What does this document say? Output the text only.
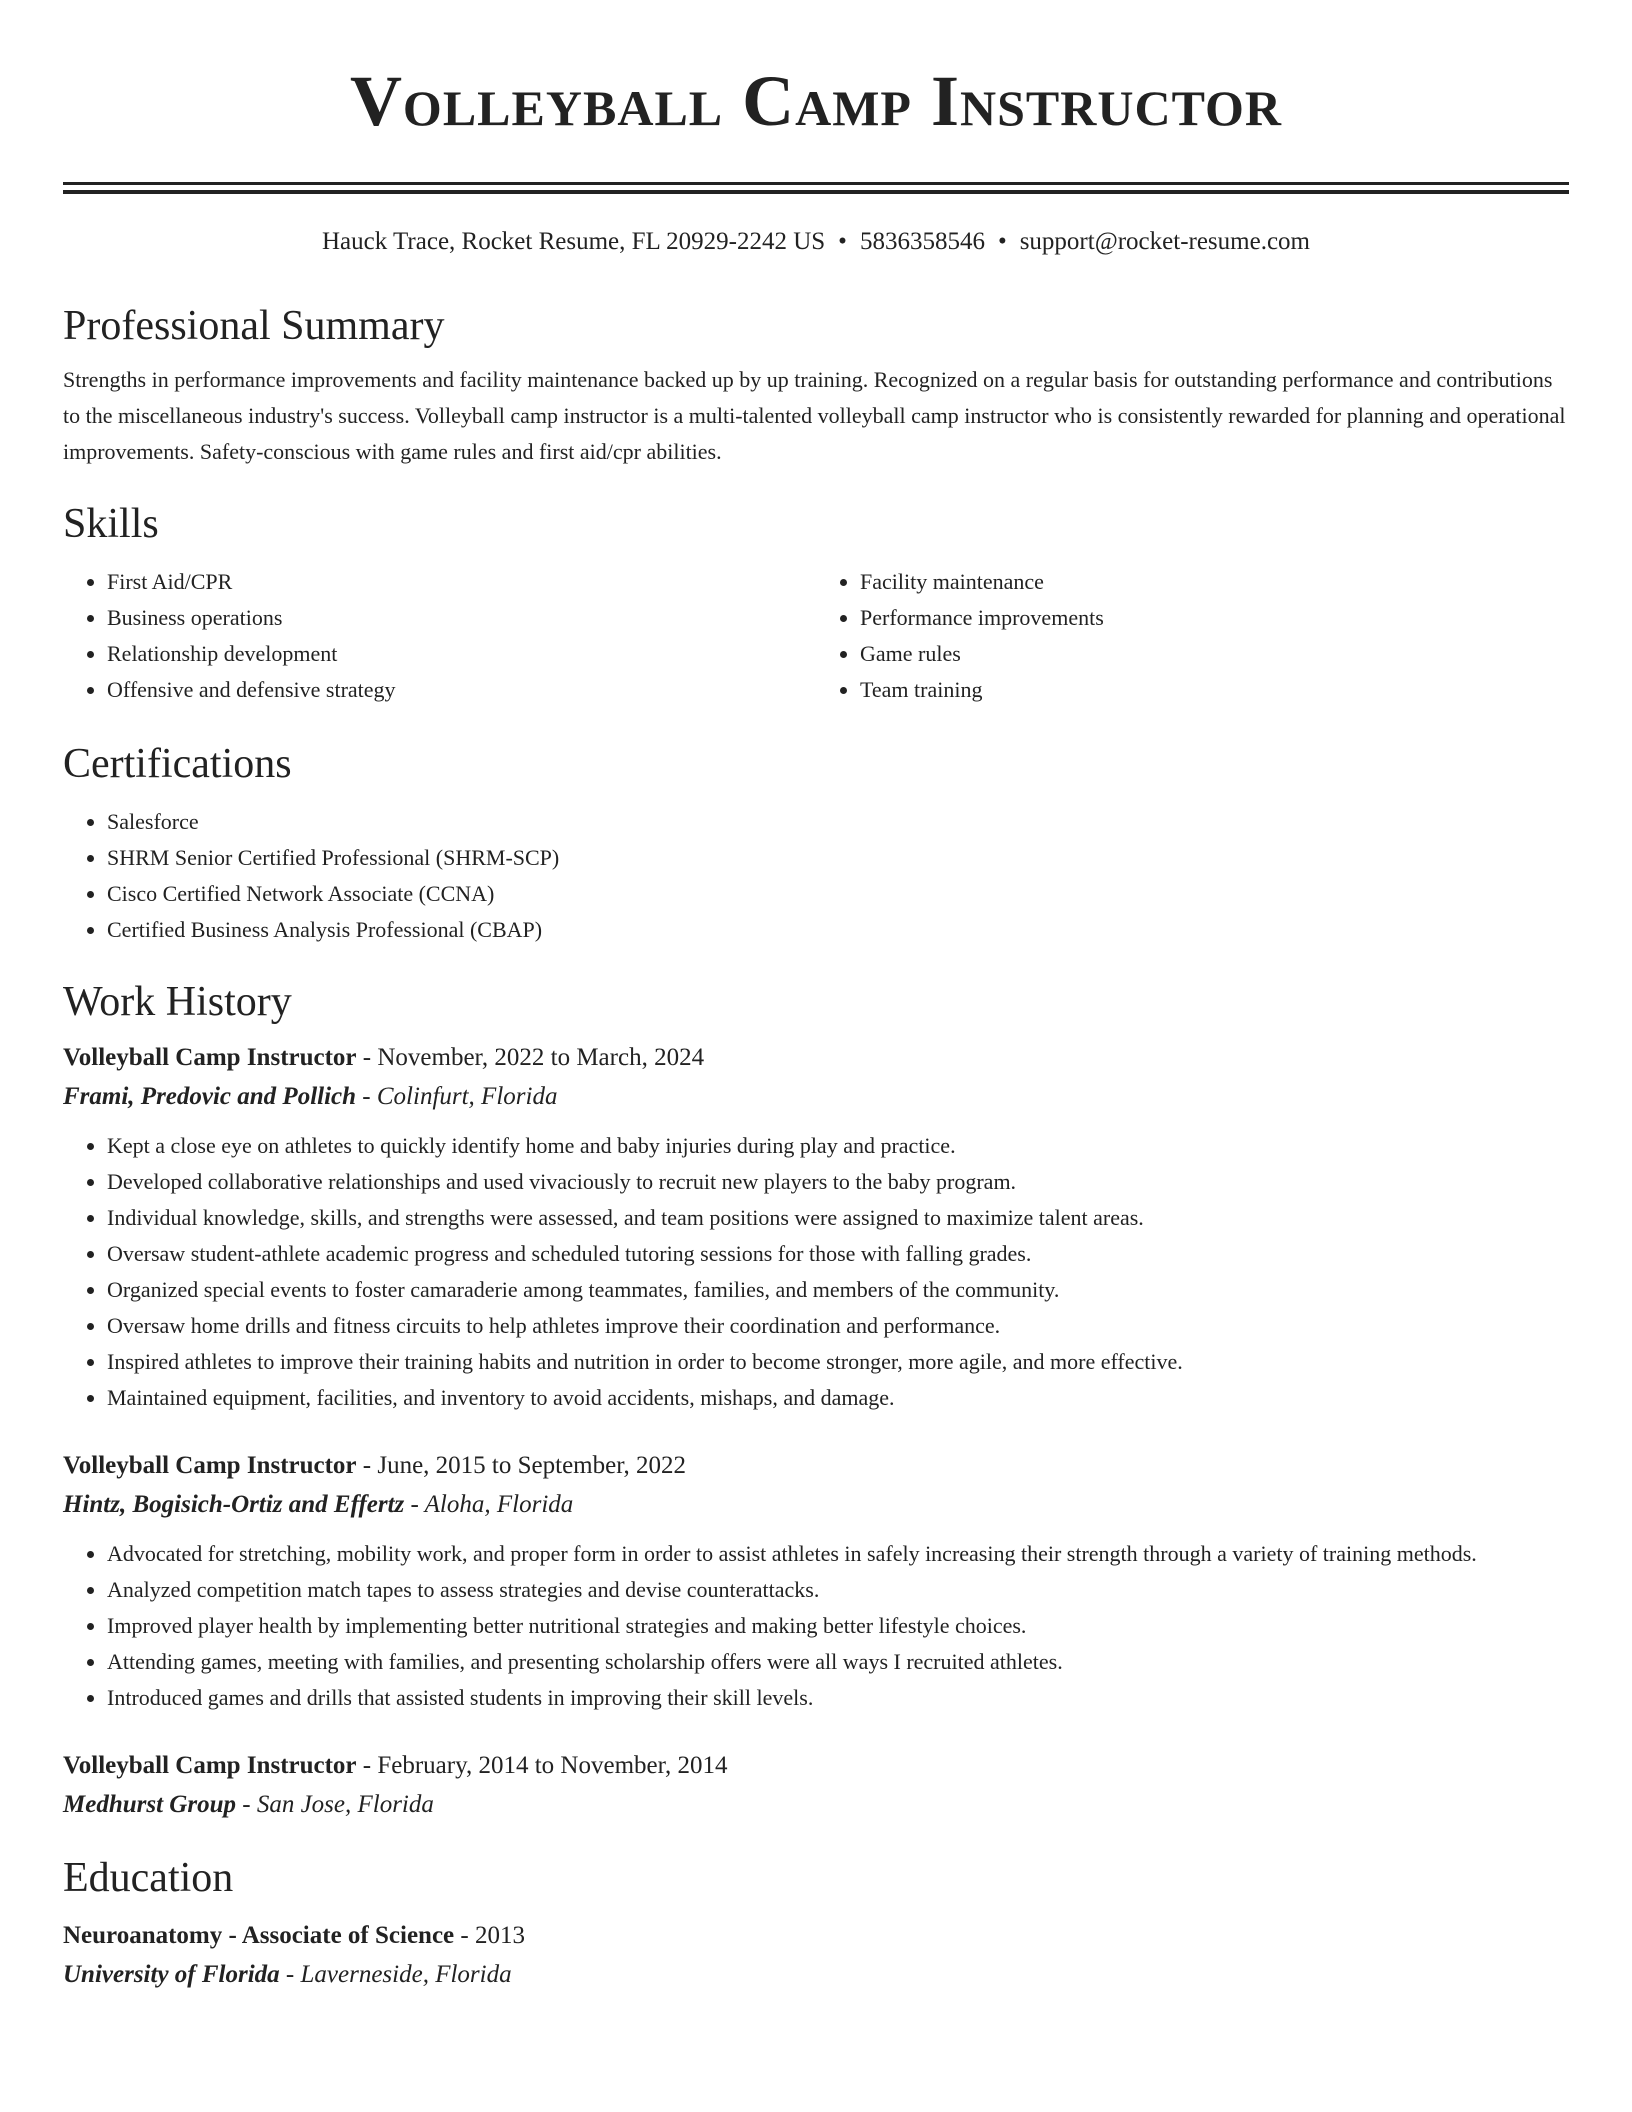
Volleyball Camp Instructor
Hauck Trace, Rocket Resume, FL 20929-2242 US • 5836358546 • support@rocket-resume.com
Professional Summary

Strengths in performance improvements and facility maintenance backed up by up training. Recognized on a regular basis for outstanding performance and contributions to the miscellaneous industry's success. Volleyball camp instructor is a multi-talented volleyball camp instructor who is consistently rewarded for planning and operational improvements. Safety-conscious with game rules and first aid/cpr abilities.

Skills
• First Aid/CPR
• Business operations
• Relationship development
• Offensive and defensive strategy
• Facility maintenance
• Performance improvements
• Game rules
• Team training
Certifications
• Salesforce
• SHRM Senior Certified Professional (SHRM-SCP)
• Cisco Certified Network Associate (CCNA)
• Certified Business Analysis Professional (CBAP)
Work History
Volleyball Camp Instructor - November, 2022 to March, 2024
Frami, Predovic and Pollich - Colinfurt, Florida
• Kept a close eye on athletes to quickly identify home and baby injuries during play and practice.
• Developed collaborative relationships and used vivaciously to recruit new players to the baby program.
• Individual knowledge, skills, and strengths were assessed, and team positions were assigned to maximize talent areas.
• Oversaw student-athlete academic progress and scheduled tutoring sessions for those with falling grades.
• Organized special events to foster camaraderie among teammates, families, and members of the community.
• Oversaw home drills and fitness circuits to help athletes improve their coordination and performance.
• Inspired athletes to improve their training habits and nutrition in order to become stronger, more agile, and more effective.
• Maintained equipment, facilities, and inventory to avoid accidents, mishaps, and damage.
Volleyball Camp Instructor - June, 2015 to September, 2022
Hintz, Bogisich-Ortiz and Effertz - Aloha, Florida
• Advocated for stretching, mobility work, and proper form in order to assist athletes in safely increasing their strength through a variety of training methods.
• Analyzed competition match tapes to assess strategies and devise counterattacks.
• Improved player health by implementing better nutritional strategies and making better lifestyle choices.
• Attending games, meeting with families, and presenting scholarship offers were all ways I recruited athletes.
• Introduced games and drills that assisted students in improving their skill levels.
Volleyball Camp Instructor - February, 2014 to November, 2014
Medhurst Group - San Jose, Florida
Education
Neuroanatomy - Associate of Science - 2013
University of Florida - Laverneside, Florida
